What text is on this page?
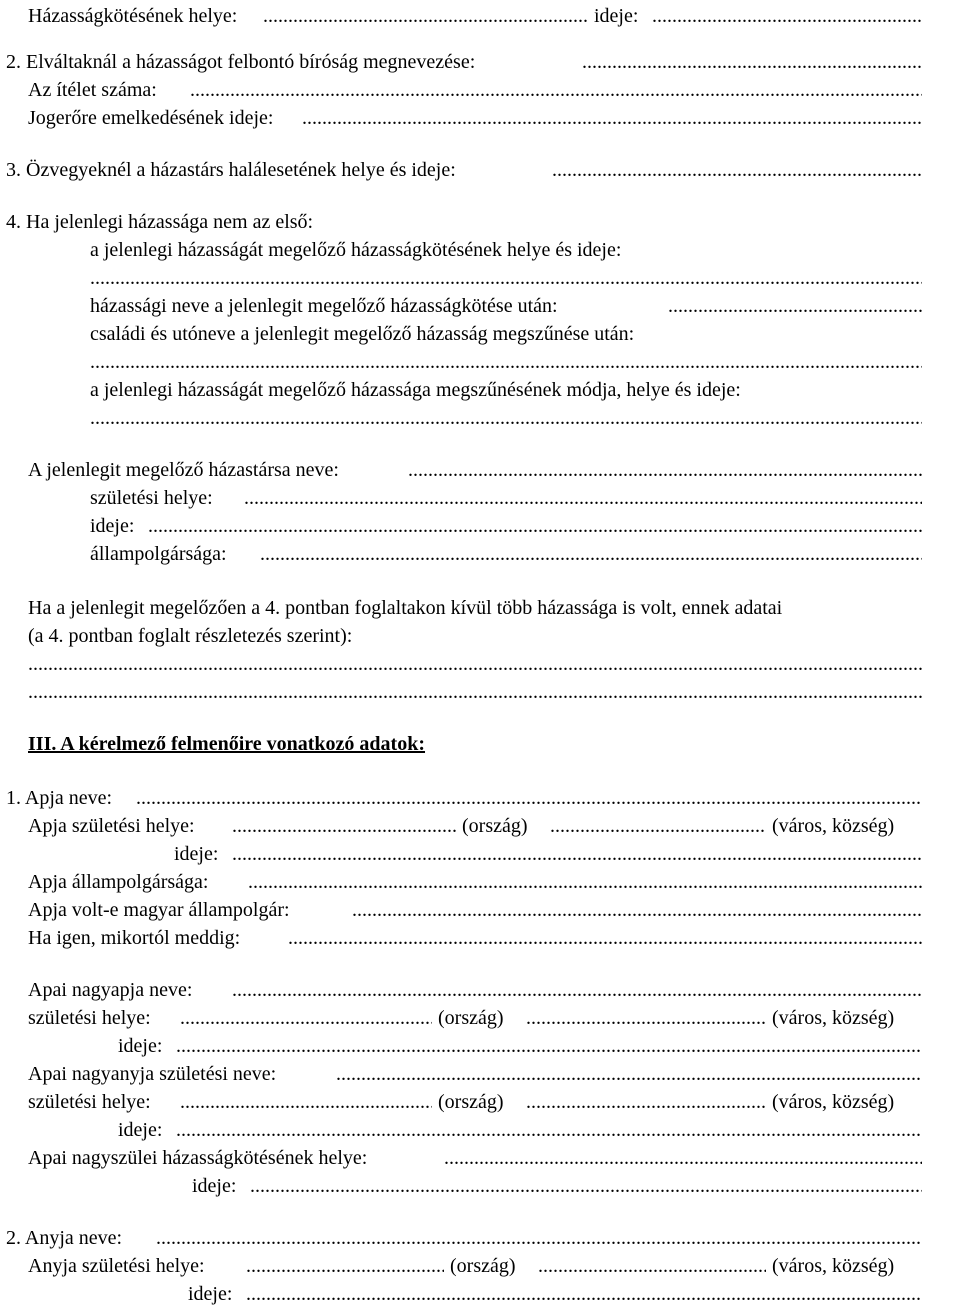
Házasságkötésének helye: .....	ideje:
.....
2. Elváltaknál a házasságot felbontó bíróság megnevezése:
.....
Az ítélet száma:
.....
Jogerőre emelkedésének ideje:
.....
3. Özvegyeknél a házastárs halálesetének helye és ideje:
.....
4. Ha jelenlegi házassága nem az első:
a jelenlegi házasságát megelőző házasságkötésének helye és ideje:
.....
házassági neve a jelenlegit megelőző házasságkötése után:
.....
családi és utóneve a jelenlegit megelőző házasság megszűnése után:
.....
a jelenlegi házasságát megelőző házassága megszűnésének módja, helye és ideje:
.....
A jelenlegit megelőző házastársa neve:
.....
születési helye:
.....
ideje:
.....
állampolgársága:
.....
Ha a jelenlegit megelőzően a 4. pontban foglaltakon kívül több házassága is volt, ennek adatai
(a 4. pontban foglalt részletezés szerint):
.....
.....
III. A kérelmező felmenőire vonatkozó adatok:
1. Apja neve:
.....
Apja születési helye: .....	(ország) .....	(város, község)
ideje:
.....
Apja állampolgársága:
.....
Apja volt-e magyar állampolgár:
.....
Ha igen, mikortól meddig:
.....
Apai nagyapja neve:
.....
születési helye: .....	(ország) .....	(város, község)
ideje:
.....
Apai nagyanyja születési neve:
.....
születési helye: .....	(ország) .....	(város, község)
ideje:
.....
Apai nagyszülei házasságkötésének helye:
.....
ideje:
.....
2. Anyja neve:
.....
Anyja születési helye: .....	(ország) .....	(város, község)
ideje:
.....
